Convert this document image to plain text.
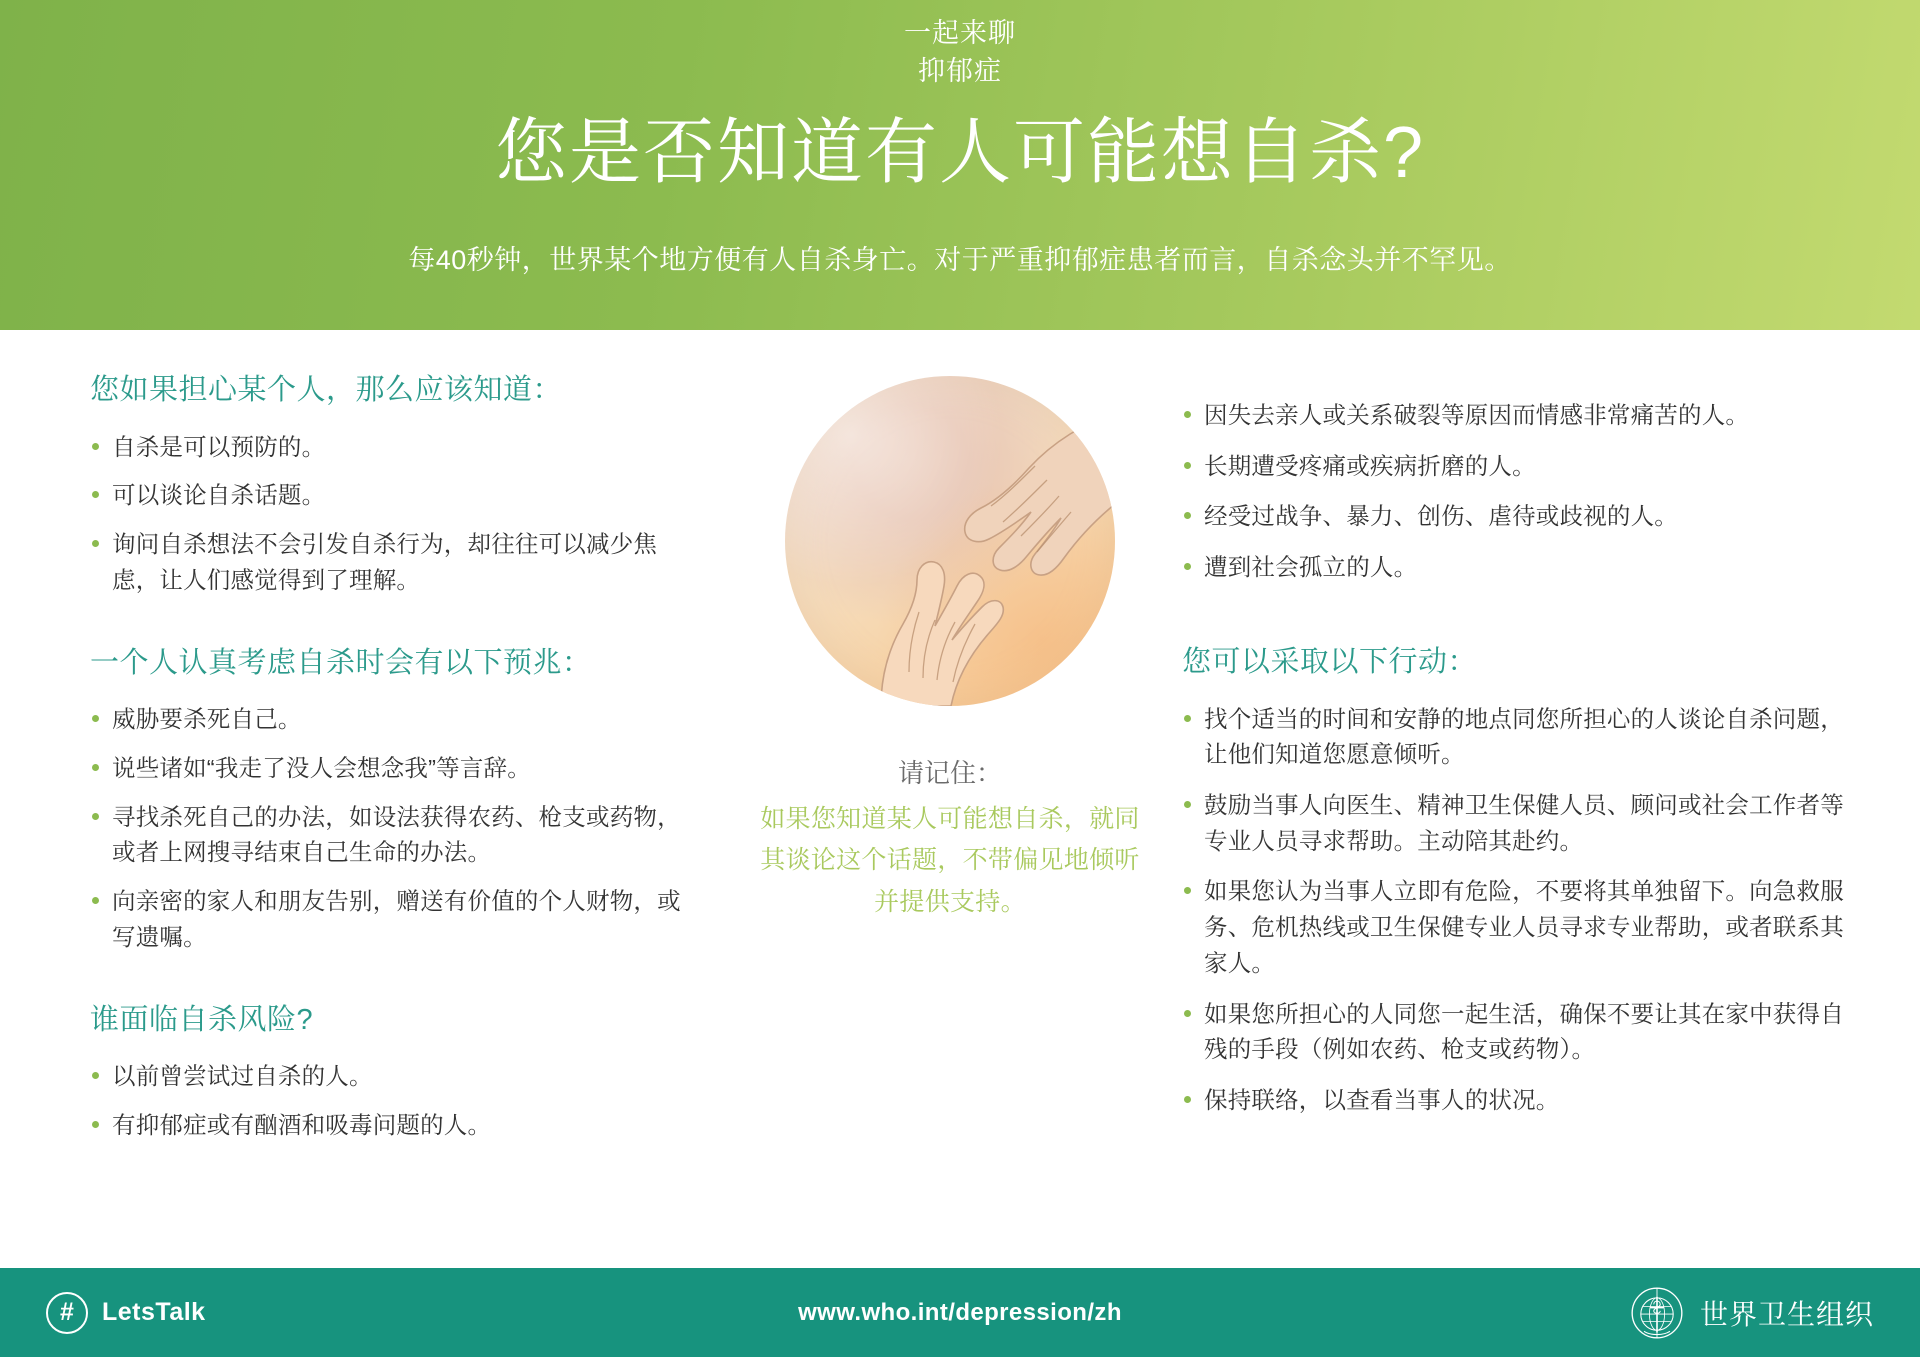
一起来聊
抑郁症
您是否知道有人可能想自杀?
每40秒钟，世界某个地方便有人自杀身亡。对于严重抑郁症患者而言，自杀念头并不罕见。
您如果担心某个人，那么应该知道：
自杀是可以预防的。
可以谈论自杀话题。
询问自杀想法不会引发自杀行为，却往往可以减少焦虑，让人们感觉得到了理解。
一个人认真考虑自杀时会有以下预兆：
威胁要杀死自己。
说些诸如“我走了没人会想念我”等言辞。
寻找杀死自己的办法，如设法获得农药、枪支或药物，或者上网搜寻结束自己生命的办法。
向亲密的家人和朋友告别，赠送有价值的个人财物，或写遗嘱。
谁面临自杀风险?
以前曾尝试过自杀的人。
有抑郁症或有酗酒和吸毒问题的人。
请记住：
如果您知道某人可能想自杀，就同其谈论这个话题，不带偏见地倾听并提供支持。
因失去亲人或关系破裂等原因而情感非常痛苦的人。
长期遭受疼痛或疾病折磨的人。
经受过战争、暴力、创伤、虐待或歧视的人。
遭到社会孤立的人。
您可以采取以下行动：
找个适当的时间和安静的地点同您所担心的人谈论自杀问题，让他们知道您愿意倾听。
鼓励当事人向医生、精神卫生保健人员、顾问或社会工作者等专业人员寻求帮助。主动陪其赴约。
如果您认为当事人立即有危险，不要将其单独留下。向急救服务、危机热线或卫生保健专业人员寻求专业帮助，或者联系其家人。
如果您所担心的人同您一起生活，确保不要让其在家中获得自残的手段（例如农药、枪支或药物）。
保持联络，以查看当事人的状况。
#	LetsTalk	www.who.int/depression/zh	世界卫生组织
